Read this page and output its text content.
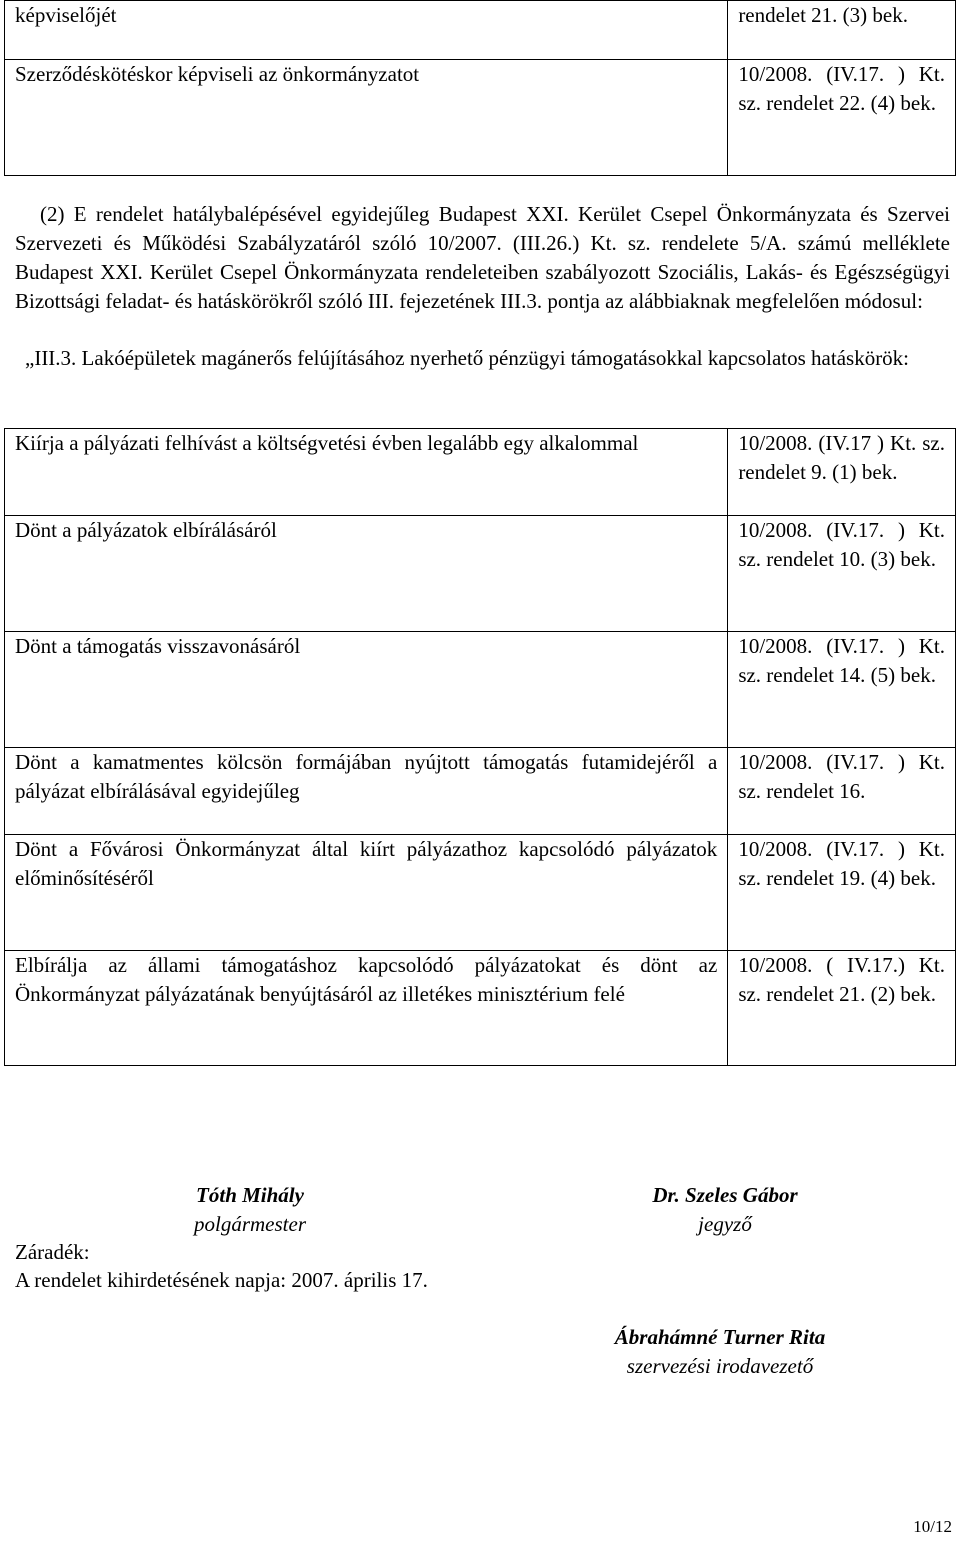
képviselőjét	rendelet 21. (3) bek.
Szerződéskötéskor képviseli az önkormányzatot	10/2008. (IV.17. ) Kt. sz. rendelet 22. (4) bek.
(2) E rendelet hatálybalépésével egyidejűleg Budapest XXI. Kerület Csepel Önkormányzata és Szervei Szervezeti és Működési Szabályzatáról szóló 10/2007. (III.26.) Kt. sz. rendelete 5/A. számú melléklete Budapest XXI. Kerület Csepel Önkormányzata rendeleteiben szabályozott Szociális, Lakás- és Egészségügyi Bizottsági feladat- és hatáskörökről szóló III. fejezetének III.3. pontja az alábbiaknak megfelelően módosul:
„III.3. Lakóépületek magánerős felújításához nyerhető pénzügyi támogatásokkal kapcsolatos hatáskörök:
Kiírja a pályázati felhívást a költségvetési évben legalább egy alkalommal	10/2008. (IV.17 ) Kt. sz. rendelet 9. (1) bek.
Dönt a pályázatok elbírálásáról	10/2008. (IV.17. ) Kt. sz. rendelet 10. (3) bek.
Dönt a támogatás visszavonásáról	10/2008. (IV.17. ) Kt. sz. rendelet 14. (5) bek.
Dönt a kamatmentes kölcsön formájában nyújtott támogatás futamidejéről a pályázat elbírálásával egyidejűleg	10/2008. (IV.17. ) Kt. sz. rendelet 16.
Dönt a Fővárosi Önkormányzat által kiírt pályázathoz kapcsolódó pályázatok előminősítéséről	10/2008. (IV.17. ) Kt. sz. rendelet 19. (4) bek.
Elbírálja az állami támogatáshoz kapcsolódó pályázatokat és dönt az Önkormányzat pályázatának benyújtásáról az illetékes minisztérium felé	10/2008. ( IV.17.) Kt. sz. rendelet 21. (2) bek.
Tóth Mihály
polgármester
Dr. Szeles Gábor
jegyző
Záradék:
A rendelet kihirdetésének napja: 2007. április 17.
Ábrahámné Turner Rita
szervezési irodavezető
10/12
